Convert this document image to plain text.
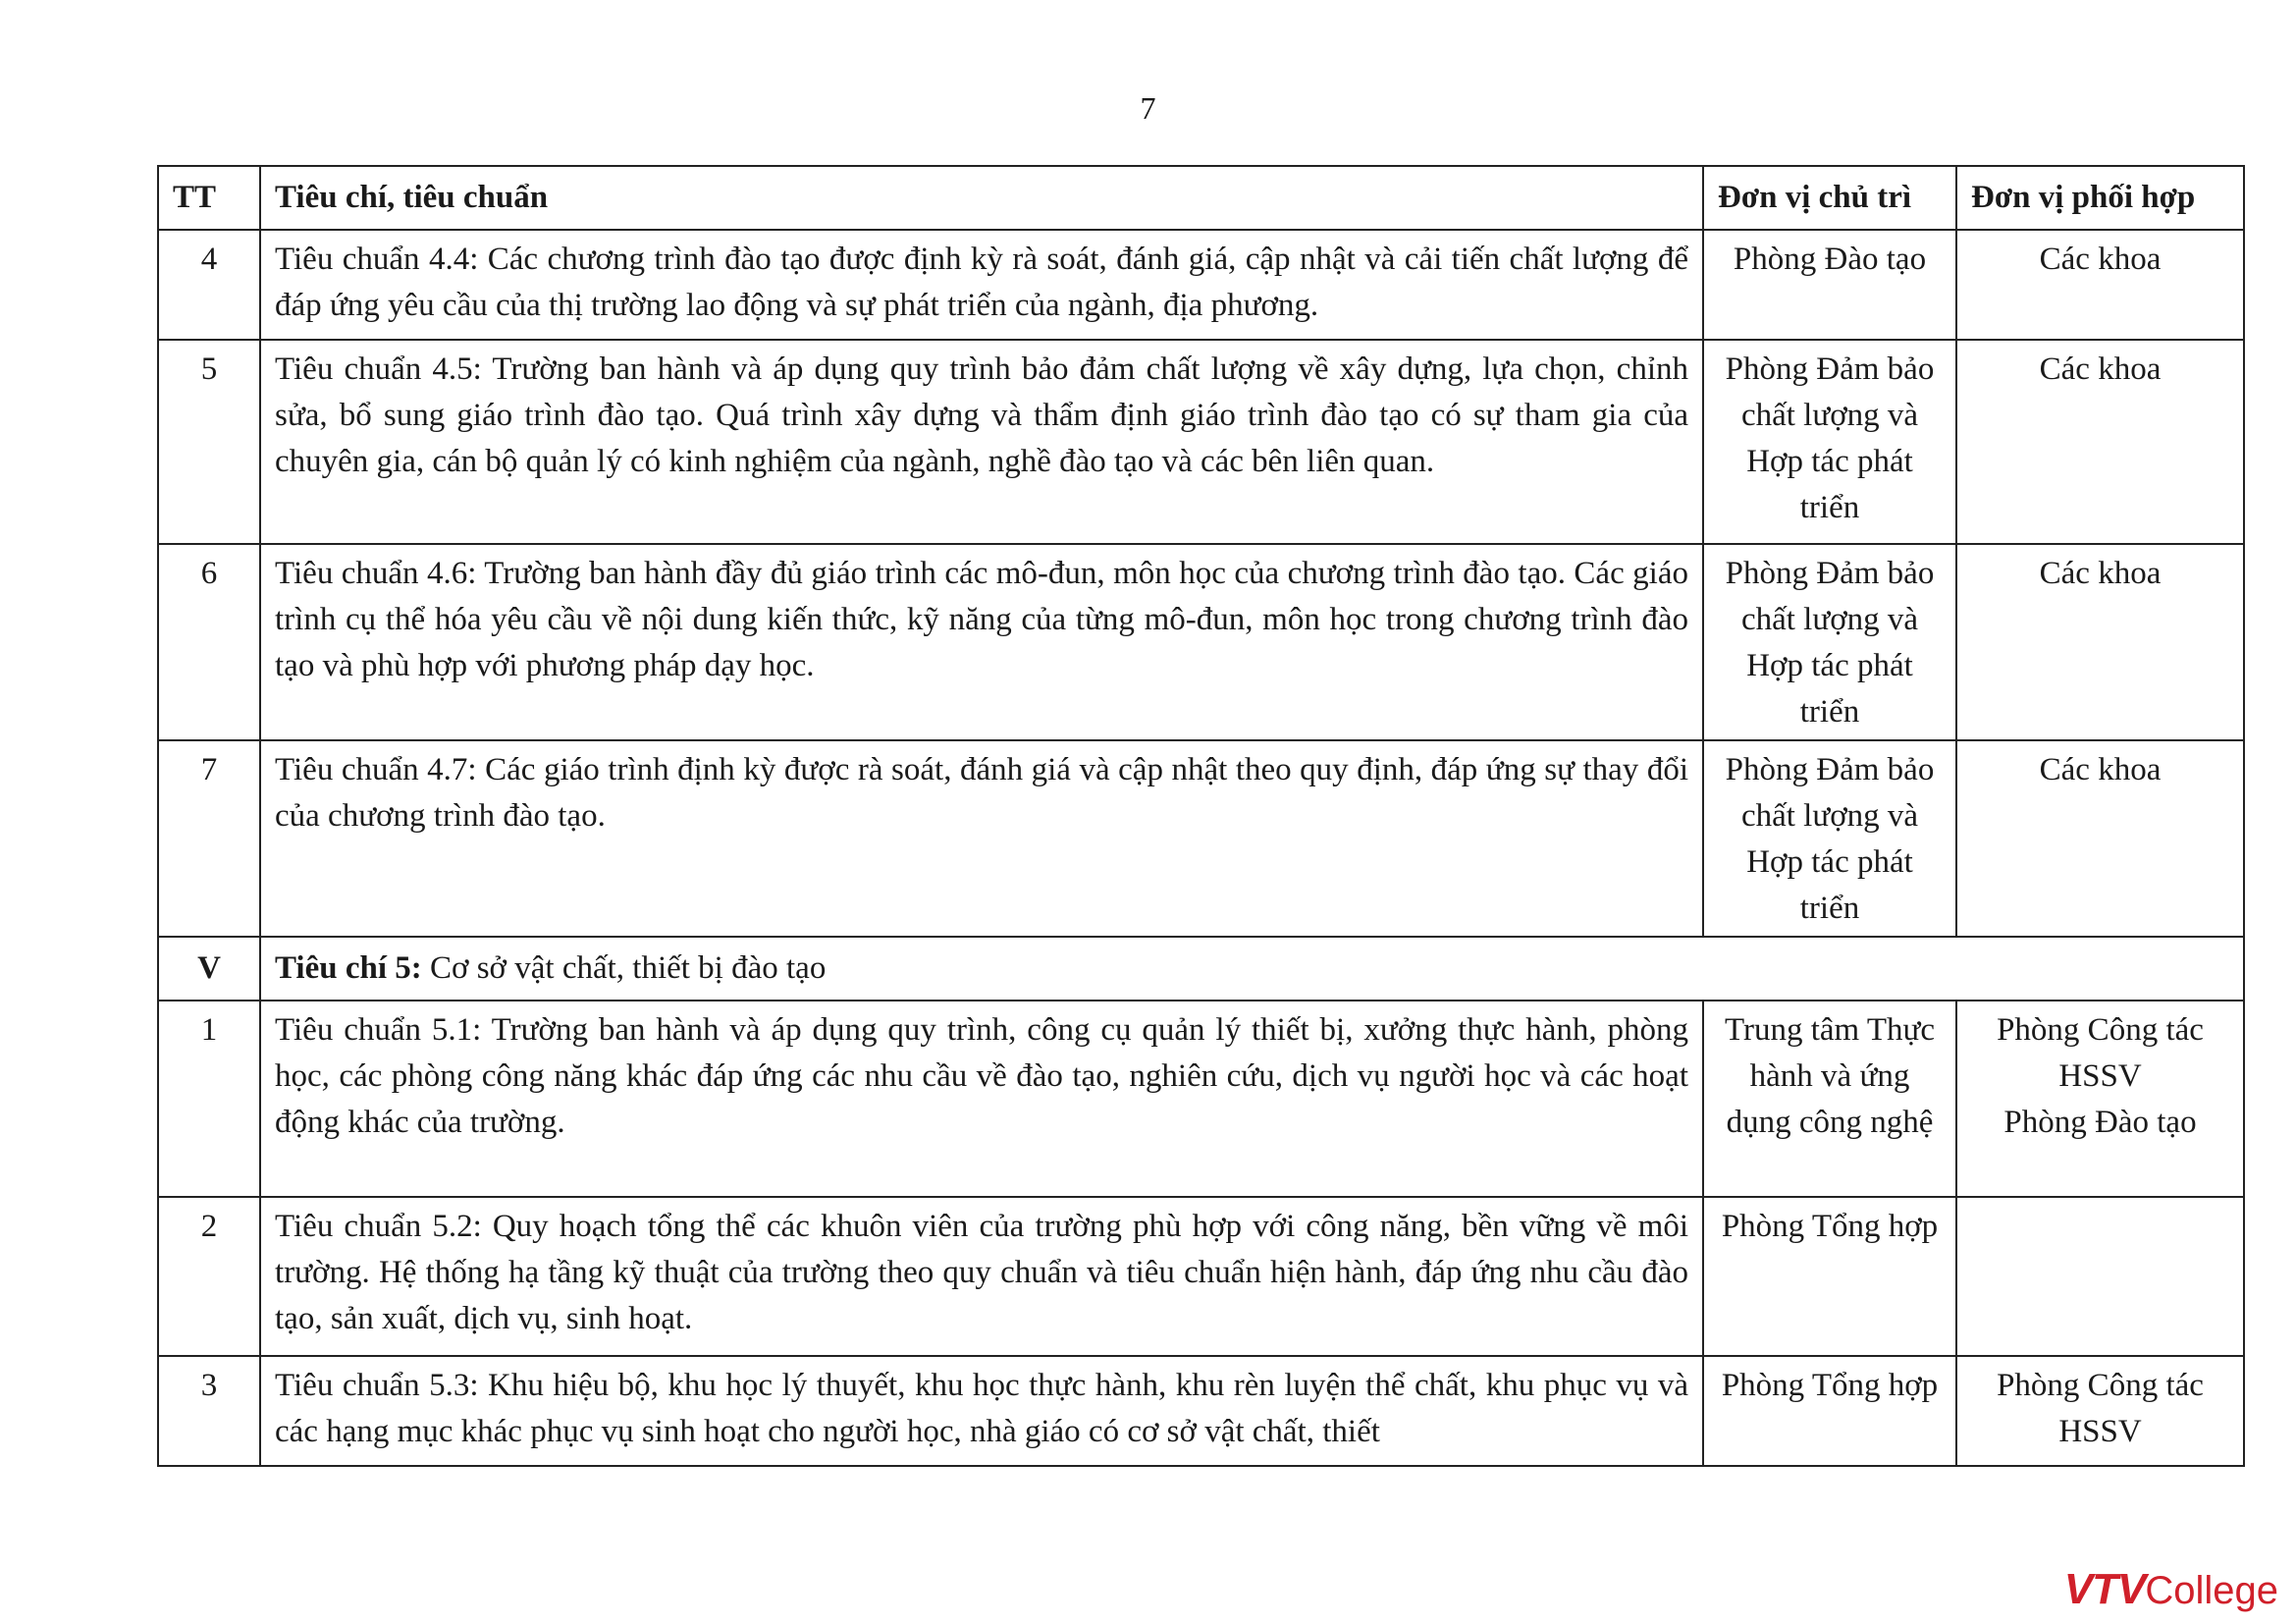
7
TT	Tiêu chí, tiêu chuẩn	Đơn vị chủ trì	Đơn vị phối hợp
4	Tiêu chuẩn 4.4: Các chương trình đào tạo được định kỳ rà soát, đánh giá, cập nhật và cải tiến chất lượng để đáp ứng yêu cầu của thị trường lao động và sự phát triển của ngành, địa phương.	Phòng Đào tạo	Các khoa

5	Tiêu chuẩn 4.5: Trường ban hành và áp dụng quy trình bảo đảm chất lượng về xây dựng, lựa chọn, chỉnh sửa, bổ sung giáo trình đào tạo. Quá trình xây dựng và thẩm định giáo trình đào tạo có sự tham gia của chuyên gia, cán bộ quản lý có kinh nghiệm của ngành, nghề đào tạo và các bên liên quan.	Phòng Đảm bảo chất lượng và Hợp tác phát triển	Các khoa

6	Tiêu chuẩn 4.6: Trường ban hành đầy đủ giáo trình các mô-đun, môn học của chương trình đào tạo. Các giáo trình cụ thể hóa yêu cầu về nội dung kiến thức, kỹ năng của từng mô-đun, môn học trong chương trình đào tạo và phù hợp với phương pháp dạy học.	Phòng Đảm bảo chất lượng và Hợp tác phát triển	Các khoa

7	Tiêu chuẩn 4.7: Các giáo trình định kỳ được rà soát, đánh giá và cập nhật theo quy định, đáp ứng sự thay đổi của chương trình đào tạo.	Phòng Đảm bảo chất lượng và Hợp tác phát triển	Các khoa

V	Tiêu chí 5: Cơ sở vật chất, thiết bị đào tạo		
1	Tiêu chuẩn 5.1: Trường ban hành và áp dụng quy trình, công cụ quản lý thiết bị, xưởng thực hành, phòng học, các phòng công năng khác đáp ứng các nhu cầu về đào tạo, nghiên cứu, dịch vụ người học và các hoạt động khác của trường.	Trung tâm Thực hành và ứng dụng công nghệ	Phòng Công tác HSSV
Phòng Đào tạo

2	Tiêu chuẩn 5.2: Quy hoạch tổng thể các khuôn viên của trường phù hợp với công năng, bền vững về môi trường. Hệ thống hạ tầng kỹ thuật của trường theo quy chuẩn và tiêu chuẩn hiện hành, đáp ứng nhu cầu đào tạo, sản xuất, dịch vụ, sinh hoạt.	Phòng Tổng hợp	
3	Tiêu chuẩn 5.3: Khu hiệu bộ, khu học lý thuyết, khu học thực hành, khu rèn luyện thể chất, khu phục vụ và các hạng mục khác phục vụ sinh hoạt cho người học, nhà giáo có cơ sở vật chất, thiết	Phòng Tổng hợp	Phòng Công tác HSSV
VTV College
